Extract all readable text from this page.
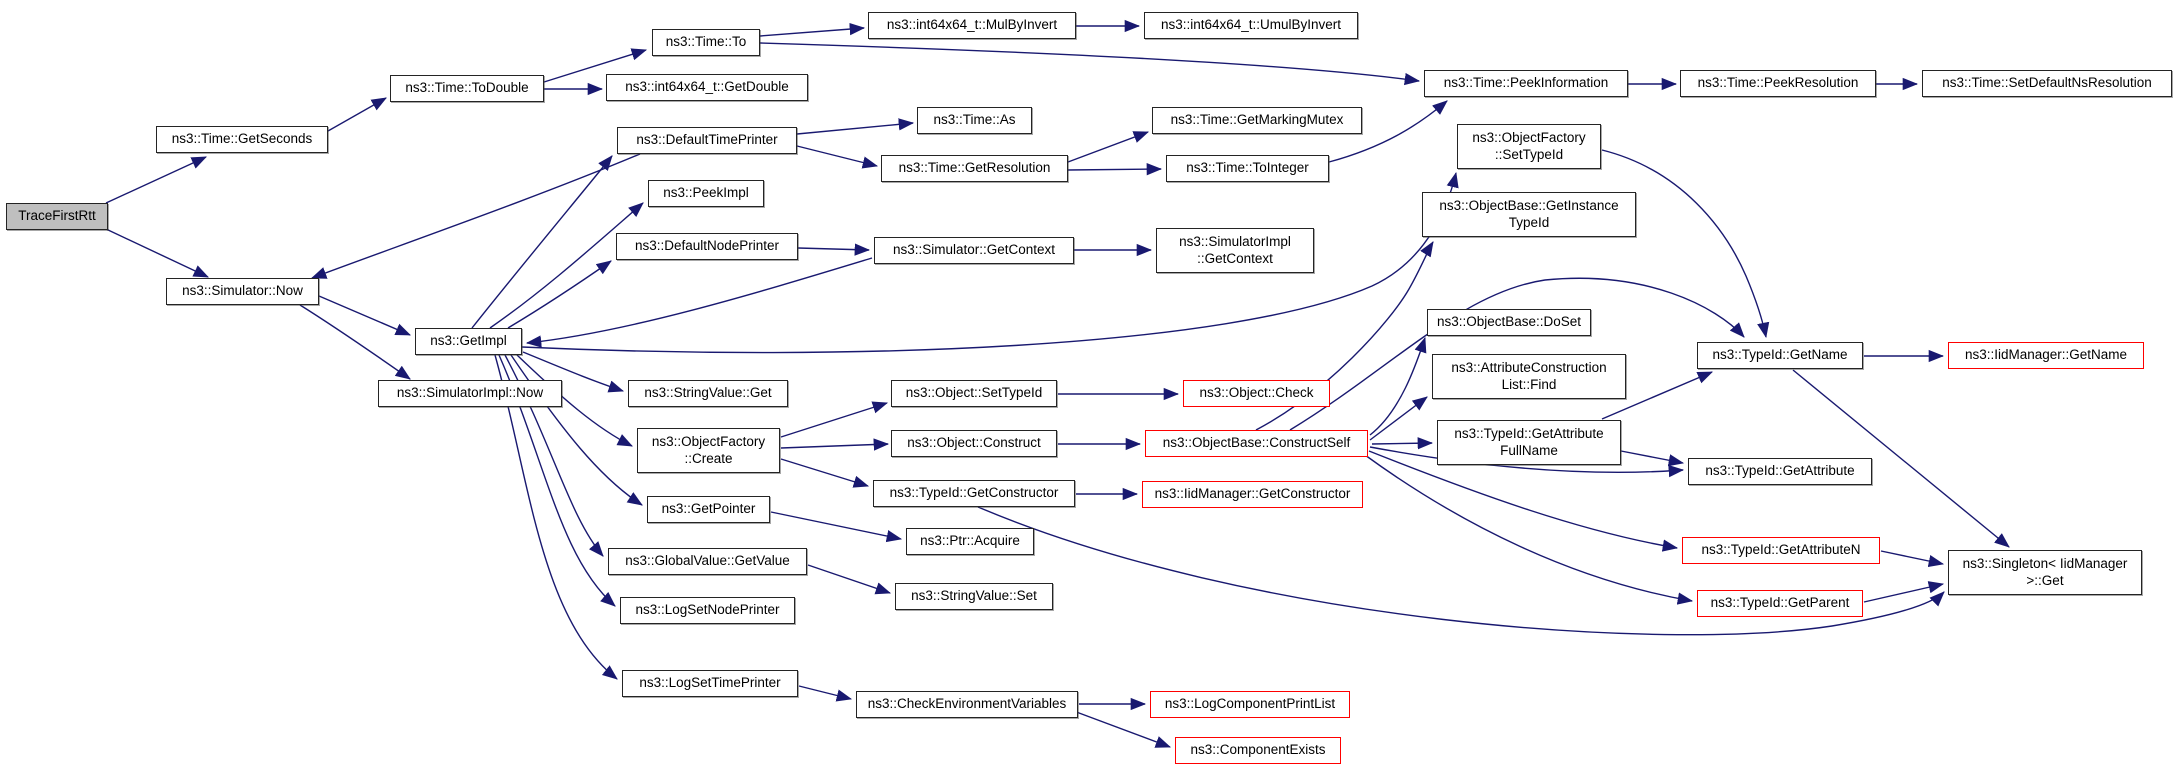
TraceFirstRtt
ns3::Time::GetSeconds
ns3::Time::ToDouble
ns3::Time::To
ns3::int64x64_t::MulByInvert	ns3::int64x64_t::UmulByInvert
ns3::int64x64_t::GetDouble	ns3::Time::PeekInformation	ns3::Time::PeekResolution	ns3::Time::SetDefaultNsResolution
ns3::DefaultTimePrinter
ns3::Time::As	ns3::Time::GetMarkingMutex
ns3::Time::GetResolution	ns3::Time::ToInteger
ns3::PeekImpl
ns3::ObjectFactory
::SetTypeId
ns3::ObjectBase::GetInstance
TypeId
ns3::DefaultNodePrinter	ns3::Simulator::GetContext
ns3::SimulatorImpl
::GetContext
ns3::Simulator::Now
ns3::ObjectBase::DoSet
ns3::GetImpl
ns3::AttributeConstruction
List::Find
ns3::TypeId::GetName	ns3::IidManager::GetName
ns3::SimulatorImpl::Now	ns3::StringValue::Get	ns3::Object::SetTypeId	ns3::Object::Check
ns3::ObjectFactory
::Create
ns3::Object::Construct	ns3::ObjectBase::ConstructSelf
ns3::TypeId::GetAttribute
FullName
ns3::TypeId::GetAttribute
ns3::TypeId::GetConstructor	ns3::IidManager::GetConstructor
ns3::GetPointer
ns3::Ptr::Acquire
ns3::TypeId::GetAttributeN
ns3::Singleton< IidManager
>::Get
ns3::GlobalValue::GetValue
ns3::StringValue::Set	ns3::TypeId::GetParent
ns3::LogSetNodePrinter
ns3::LogSetTimePrinter
ns3::CheckEnvironmentVariables	ns3::LogComponentPrintList
ns3::ComponentExists
